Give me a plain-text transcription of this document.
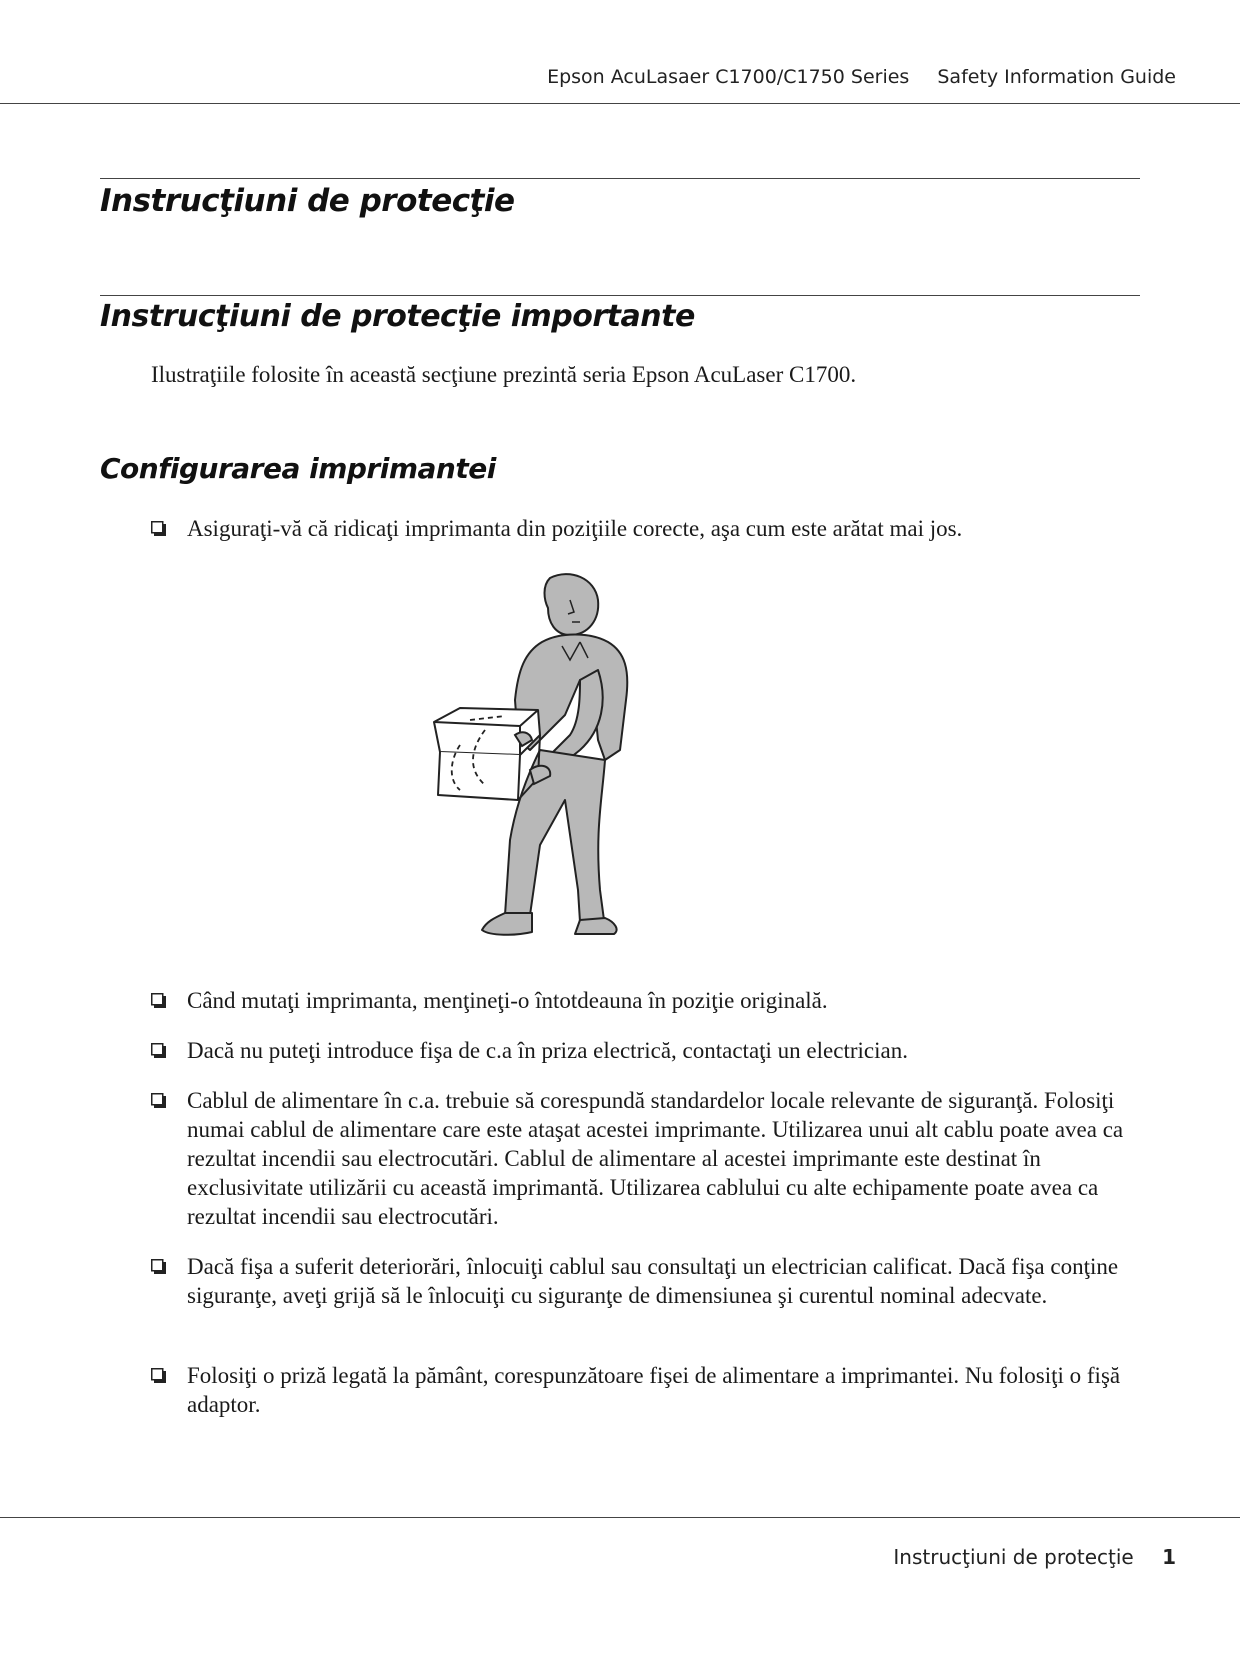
Epson AcuLasaer C1700/C1750 Series Safety Information Guide
Instrucţiuni de protecţie
Instrucţiuni de protecţie importante
Ilustraţiile folosite în această secţiune prezintă seria Epson AcuLaser C1700.
Configurarea imprimantei
Asiguraţi-vă că ridicaţi imprimanta din poziţiile corecte, aşa cum este arătat mai jos.
Când mutaţi imprimanta, menţineţi-o întotdeauna în poziţie originală.
Dacă nu puteţi introduce fişa de c.a în priza electrică, contactaţi un electrician.
Cablul de alimentare în c.a. trebuie să corespundă standardelor locale relevante de siguranţă. Folosiţi numai cablul de alimentare care este ataşat acestei imprimante. Utilizarea unui alt cablu poate avea ca rezultat incendii sau electrocutări. Cablul de alimentare al acestei imprimante este destinat în exclusivitate utilizării cu această imprimantă. Utilizarea cablului cu alte echipamente poate avea ca rezultat incendii sau electrocutări.
Dacă fişa a suferit deteriorări, înlocuiţi cablul sau consultaţi un electrician calificat. Dacă fişa conţine siguranţe, aveţi grijă să le înlocuiţi cu siguranţe de dimensiunea şi curentul nominal adecvate.
Folosiţi o priză legată la pământ, corespunzătoare fişei de alimentare a imprimantei. Nu folosiţi o fişă adaptor.
Instrucţiuni de protecţie 1
